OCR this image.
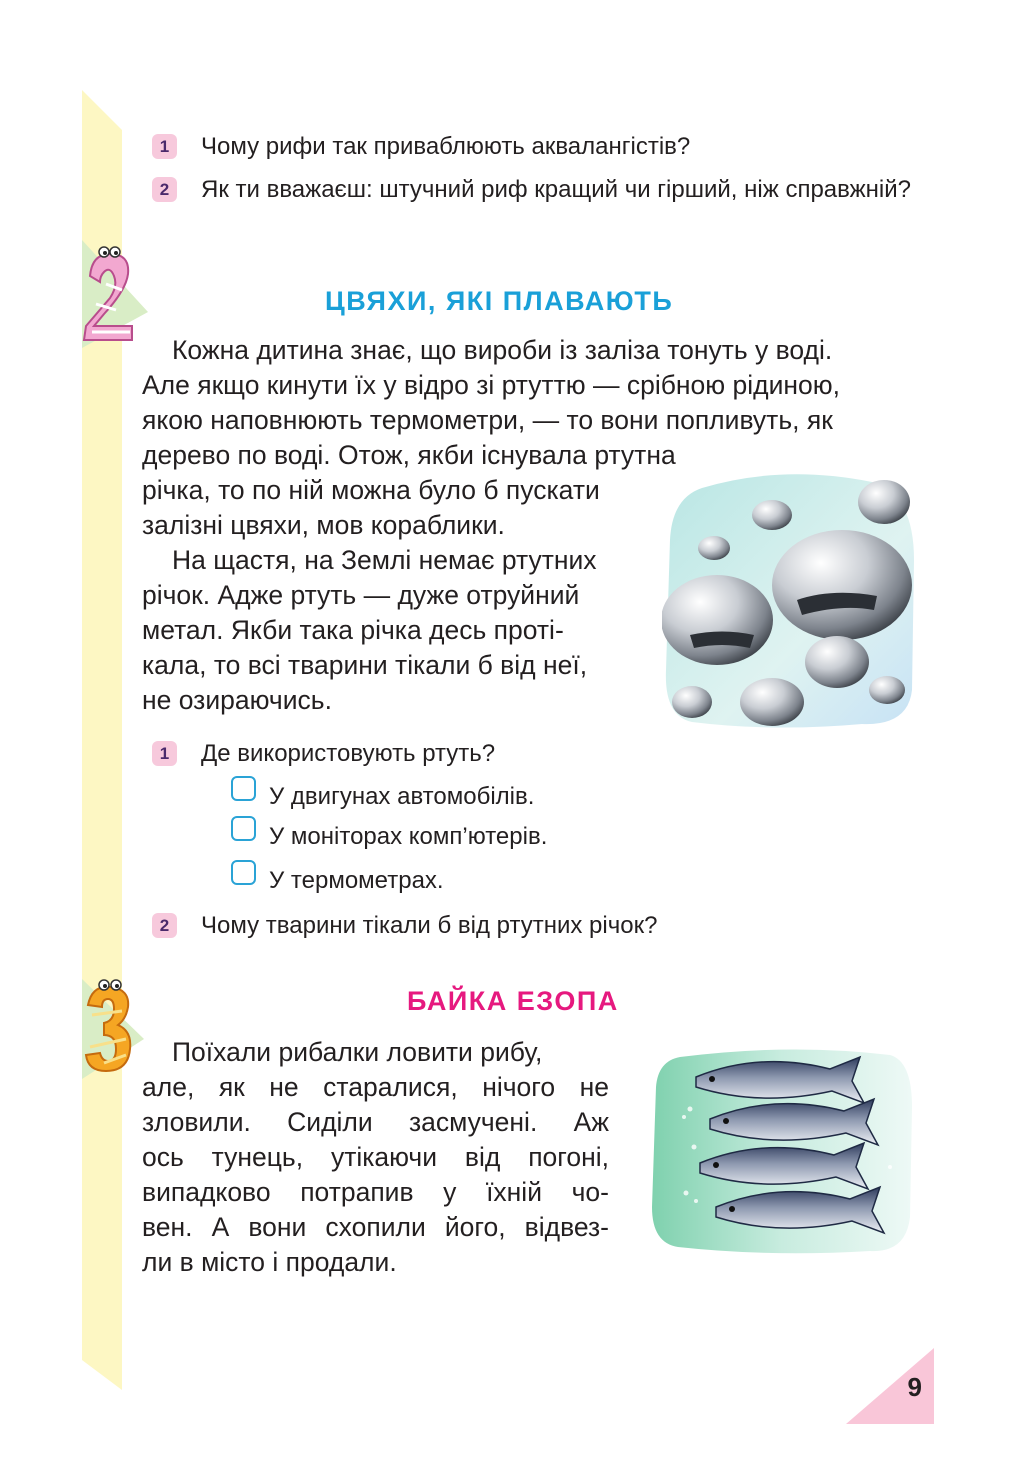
1	Чому рифи так приваблюють аквалангістів?
2	Як ти вважаєш: штучний риф кращий чи гірший, ніж справжній?
ЦВЯХИ, ЯКІ ПЛАВАЮТЬ
Кожна дитина знає, що вироби із заліза тонуть у воді.
Але якщо кинути їх у відро зі ртуттю — срібною рідиною,
якою наповнюють термометри, — то вони попливуть, як
дерево по воді. Отож, якби існувала ртутна
річка, то по ній можна було б пускати
залізні цвяхи, мов кораблики.
На щастя, на Землі немає ртутних
річок. Адже ртуть — дуже отруйний
метал. Якби така річка десь проті-
кала, то всі тварини тікали б від неї,
не озираючись.
1	Де використовують ртуть?
У двигунах автомобілів.
У моніторах комп’ютерів.
У термометрах.
2	Чому тварини тікали б від ртутних річок?
БАЙКА ЕЗОПА
Поїхали рибалки ловити рибу,
але, як не старалися, нічого не
зловили. Сиділи засмучені. Аж
ось тунець, утікаючи від погоні,
випадково потрапив у їхній чо-
вен. А вони схопили його, відвез-
ли в місто і продали.
9
